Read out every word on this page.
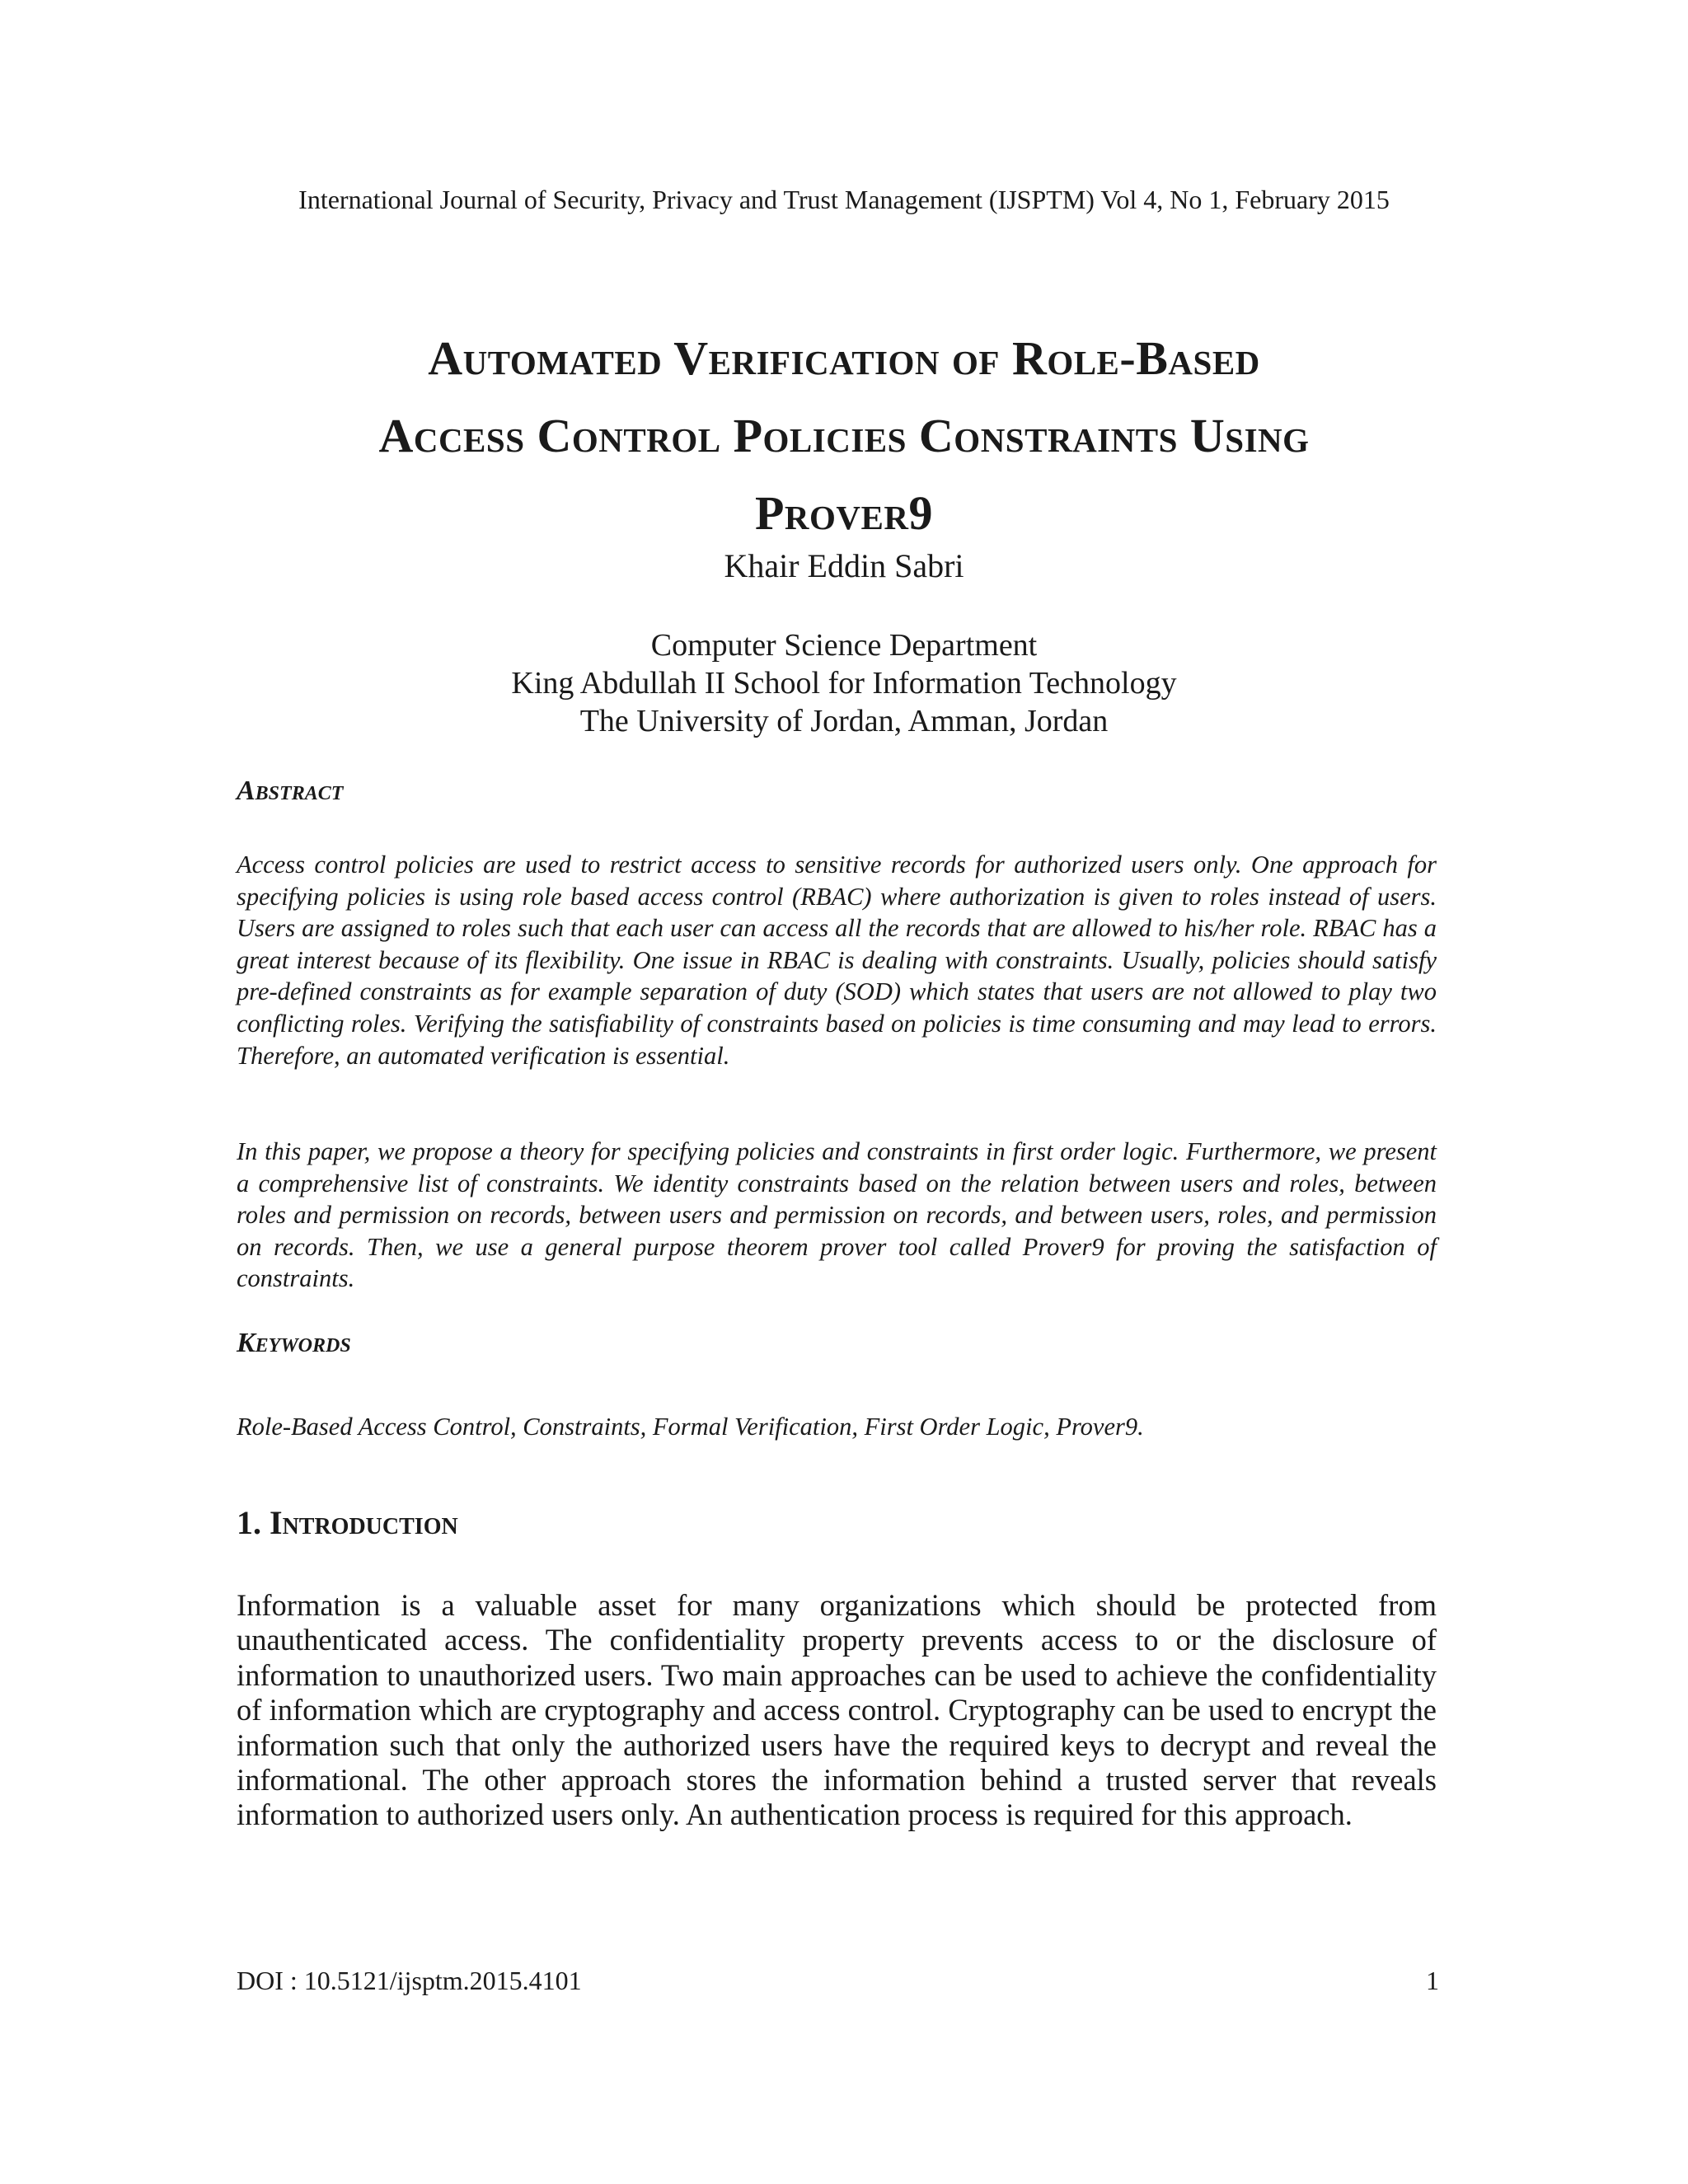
International Journal of Security, Privacy and Trust Management (IJSPTM) Vol 4, No 1, February 2015
Automated Verification of Role-Based
Access Control Policies Constraints Using
Prover9
Khair Eddin Sabri
Computer Science Department
King Abdullah II School for Information Technology
The University of Jordan, Amman, Jordan
Abstract
Access control policies are used to restrict access to sensitive records for authorized users only. One approach for specifying policies is using role based access control (RBAC) where authorization is given to roles instead of users. Users are assigned to roles such that each user can access all the records that are allowed to his/her role. RBAC has a great interest because of its flexibility. One issue in RBAC is dealing with constraints. Usually, policies should satisfy pre-defined constraints as for example separation of duty (SOD) which states that users are not allowed to play two conflicting roles. Verifying the satisfiability of constraints based on policies is time consuming and may lead to errors. Therefore, an automated verification is essential.
In this paper, we propose a theory for specifying policies and constraints in first order logic. Furthermore, we present a comprehensive list of constraints. We identity constraints based on the relation between users and roles, between roles and permission on records, between users and permission on records, and between users, roles, and permission on records. Then, we use a general purpose theorem prover tool called Prover9 for proving the satisfaction of constraints.
Keywords
Role-Based Access Control, Constraints, Formal Verification, First Order Logic, Prover9.
1. Introduction
Information is a valuable asset for many organizations which should be protected from unauthenticated access. The confidentiality property prevents access to or the disclosure of information to unauthorized users. Two main approaches can be used to achieve the confidentiality of information which are cryptography and access control. Cryptography can be used to encrypt the information such that only the authorized users have the required keys to decrypt and reveal the informational. The other approach stores the information behind a trusted server that reveals information to authorized users only. An authentication process is required for this approach.
DOI : 10.5121/ijsptm.2015.4101	1
